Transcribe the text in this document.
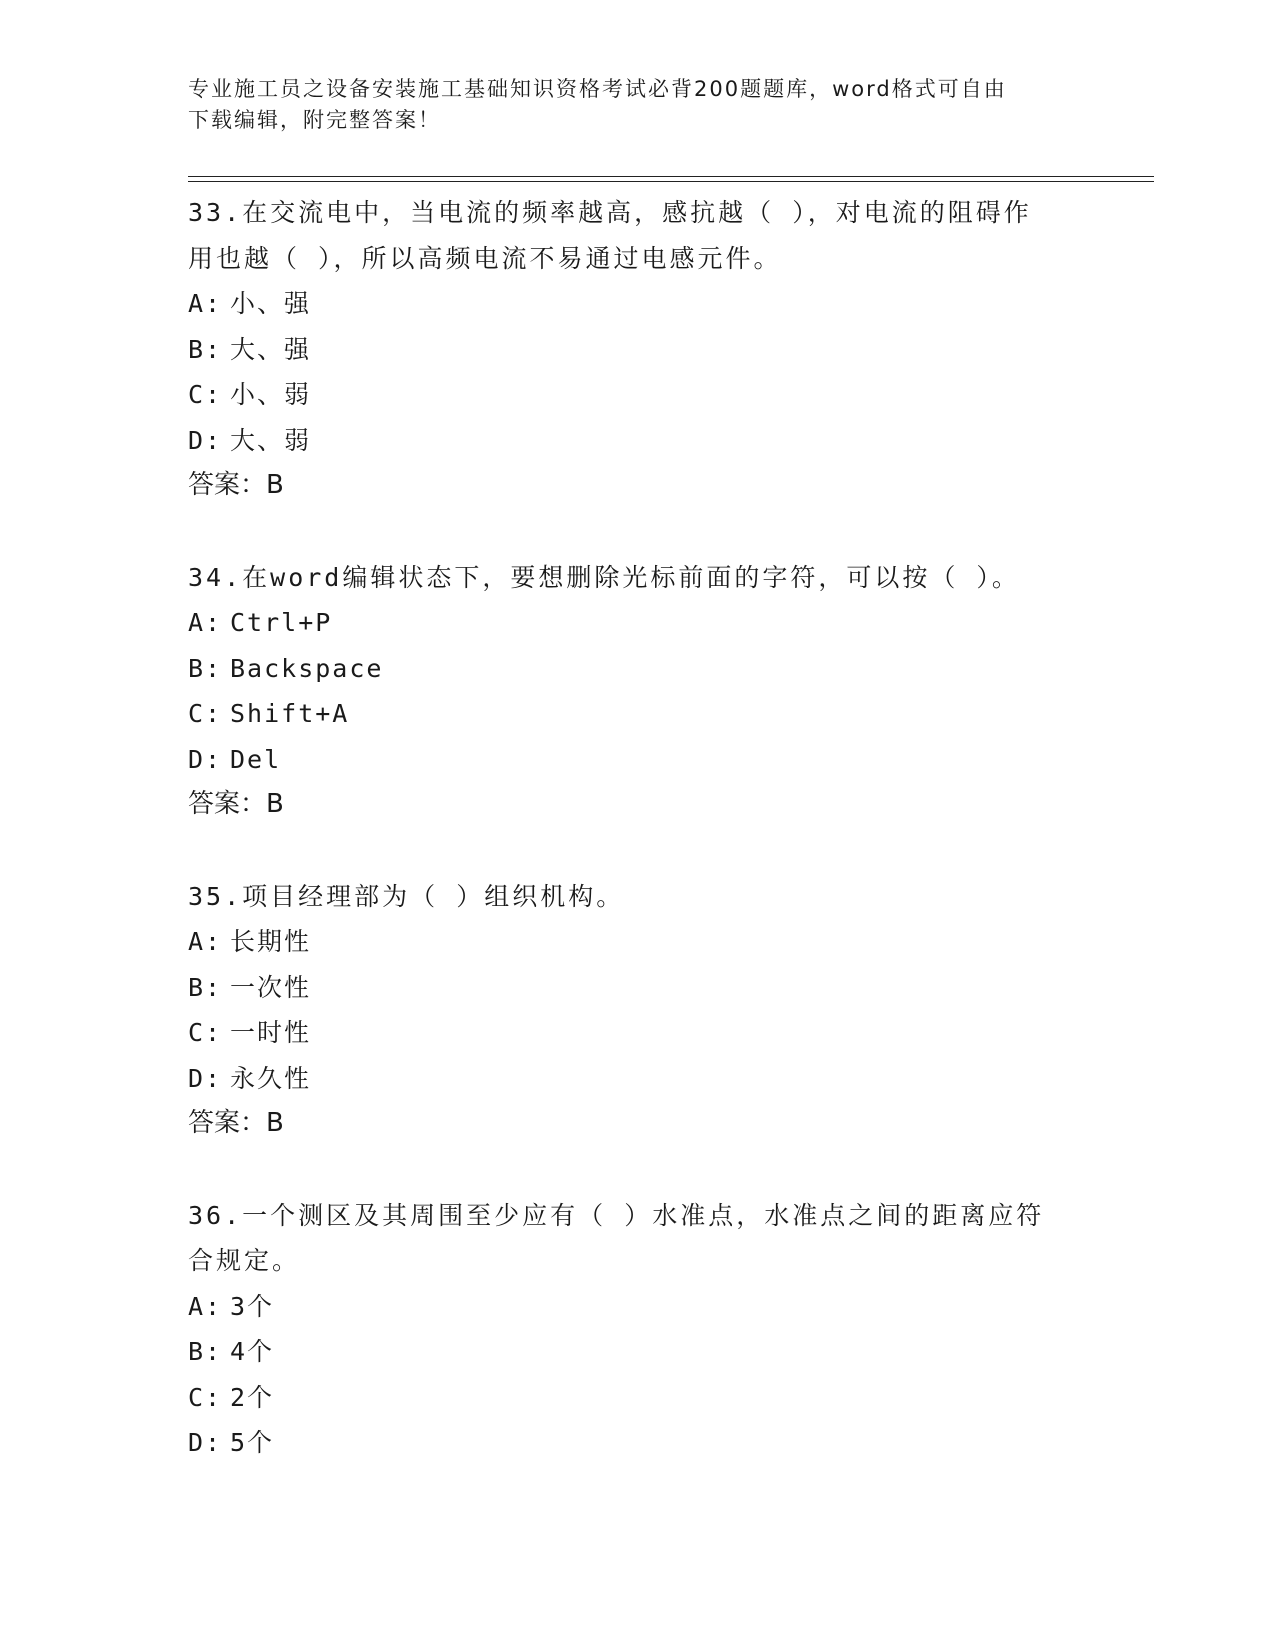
专业施工员之设备安装施工基础知识资格考试必背200题题库，word格式可自由
下载编辑，附完整答案！
33.在交流电中，当电流的频率越高，感抗越（ ），对电流的阻碍作用也越（ ），所以高频电流不易通过电感元件。
A: 小、强
B: 大、强
C: 小、弱
D: 大、弱
答案：B
34.在word编辑状态下，要想删除光标前面的字符，可以按（ ）。
A: Ctrl+P
B: Backspace
C: Shift+A
D: Del
答案：B
35.项目经理部为（ ）组织机构。
A: 长期性
B: 一次性
C: 一时性
D: 永久性
答案：B
36.一个测区及其周围至少应有（ ）水准点，水准点之间的距离应符合规定。
A: 3个
B: 4个
C: 2个
D: 5个
